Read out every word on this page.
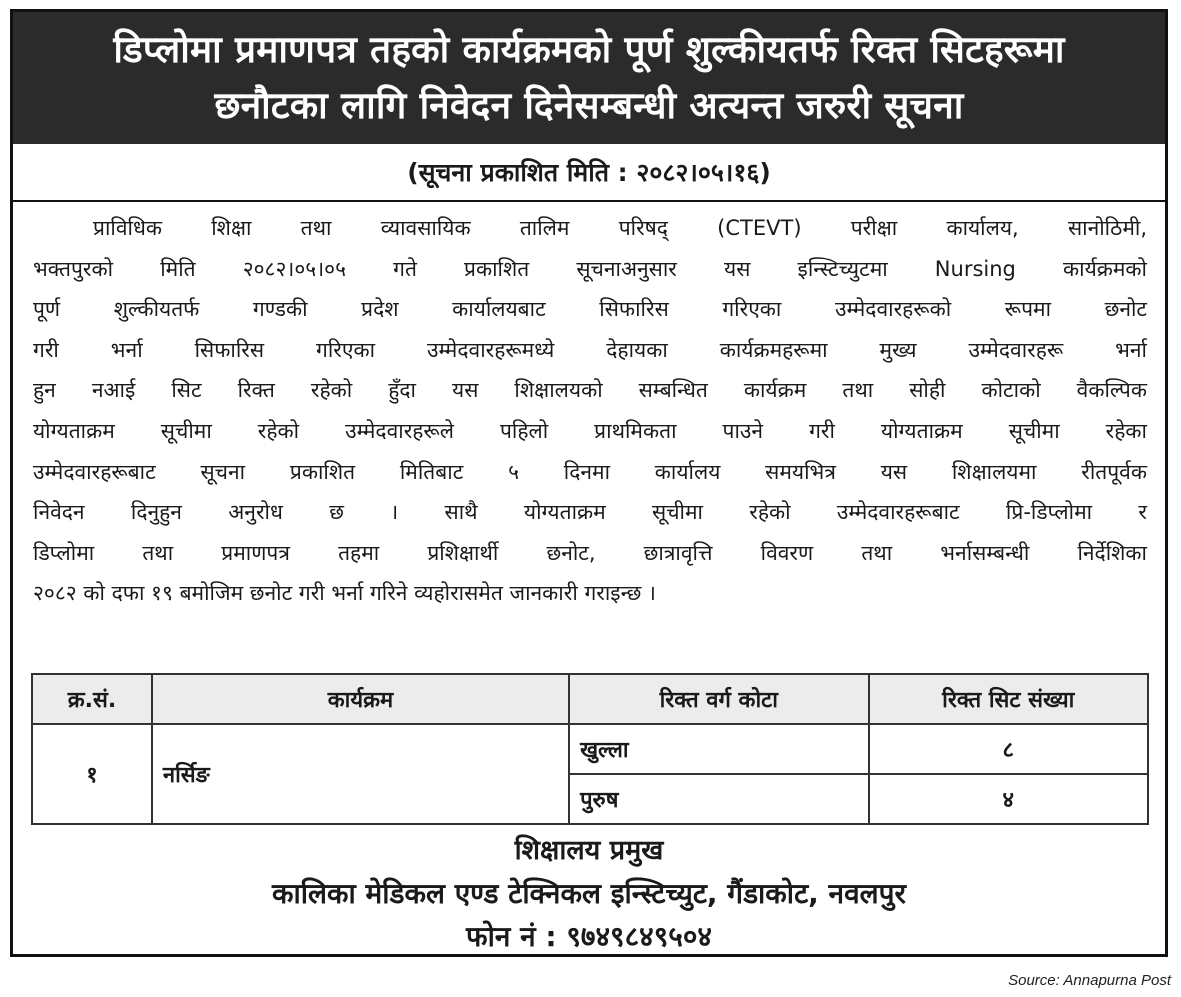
डिप्लोमा प्रमाणपत्र तहको कार्यक्रमको पूर्ण शुल्कीयतर्फ रिक्त सिटहरूमा
छनौटका लागि निवेदन दिनेसम्बन्धी अत्यन्त जरुरी सूचना
(सूचना प्रकाशित मिति : २०८२।०५।१६)
प्राविधिक शिक्षा तथा व्यावसायिक तालिम परिषद् (CTEVT) परीक्षा कार्यालय, सानोठिमी,
भक्तपुरको मिति २०८२।०५।०५ गते प्रकाशित सूचनाअनुसार यस इन्स्टिच्युटमा Nursing कार्यक्रमको
पूर्ण शुल्कीयतर्फ गण्डकी प्रदेश कार्यालयबाट सिफारिस गरिएका उम्मेदवारहरूको रूपमा छनोट
गरी भर्ना सिफारिस गरिएका उम्मेदवारहरूमध्ये देहायका कार्यक्रमहरूमा मुख्य उम्मेदवारहरू भर्ना
हुन नआई सिट रिक्त रहेको हुँदा यस शिक्षालयको सम्बन्धित कार्यक्रम तथा सोही कोटाको वैकल्पिक
योग्यताक्रम सूचीमा रहेको उम्मेदवारहरूले पहिलो प्राथमिकता पाउने गरी योग्यताक्रम सूचीमा रहेका
उम्मेदवारहरूबाट सूचना प्रकाशित मितिबाट ५ दिनमा कार्यालय समयभित्र यस शिक्षालयमा रीतपूर्वक
निवेदन दिनुहुन अनुरोध छ । साथै योग्यताक्रम सूचीमा रहेको उम्मेदवारहरूबाट प्रि-डिप्लोमा र
डिप्लोमा तथा प्रमाणपत्र तहमा प्रशिक्षार्थी छनोट, छात्रावृत्ति विवरण तथा भर्नासम्बन्धी निर्देशिका
२०८२ को दफा १९ बमोजिम छनोट गरी भर्ना गरिने व्यहोरासमेत जानकारी गराइन्छ ।
क्र.सं.	कार्यक्रम	रिक्त वर्ग कोटा	रिक्त सिट संख्या
१	नर्सिङ	खुल्ला	८
		पुरुष	४
शिक्षालय प्रमुख
कालिका मेडिकल एण्ड टेक्निकल इन्स्टिच्युट, गैंडाकोट, नवलपुर
फोन नं : ९७४९८४९५०४
Source: Annapurna Post
